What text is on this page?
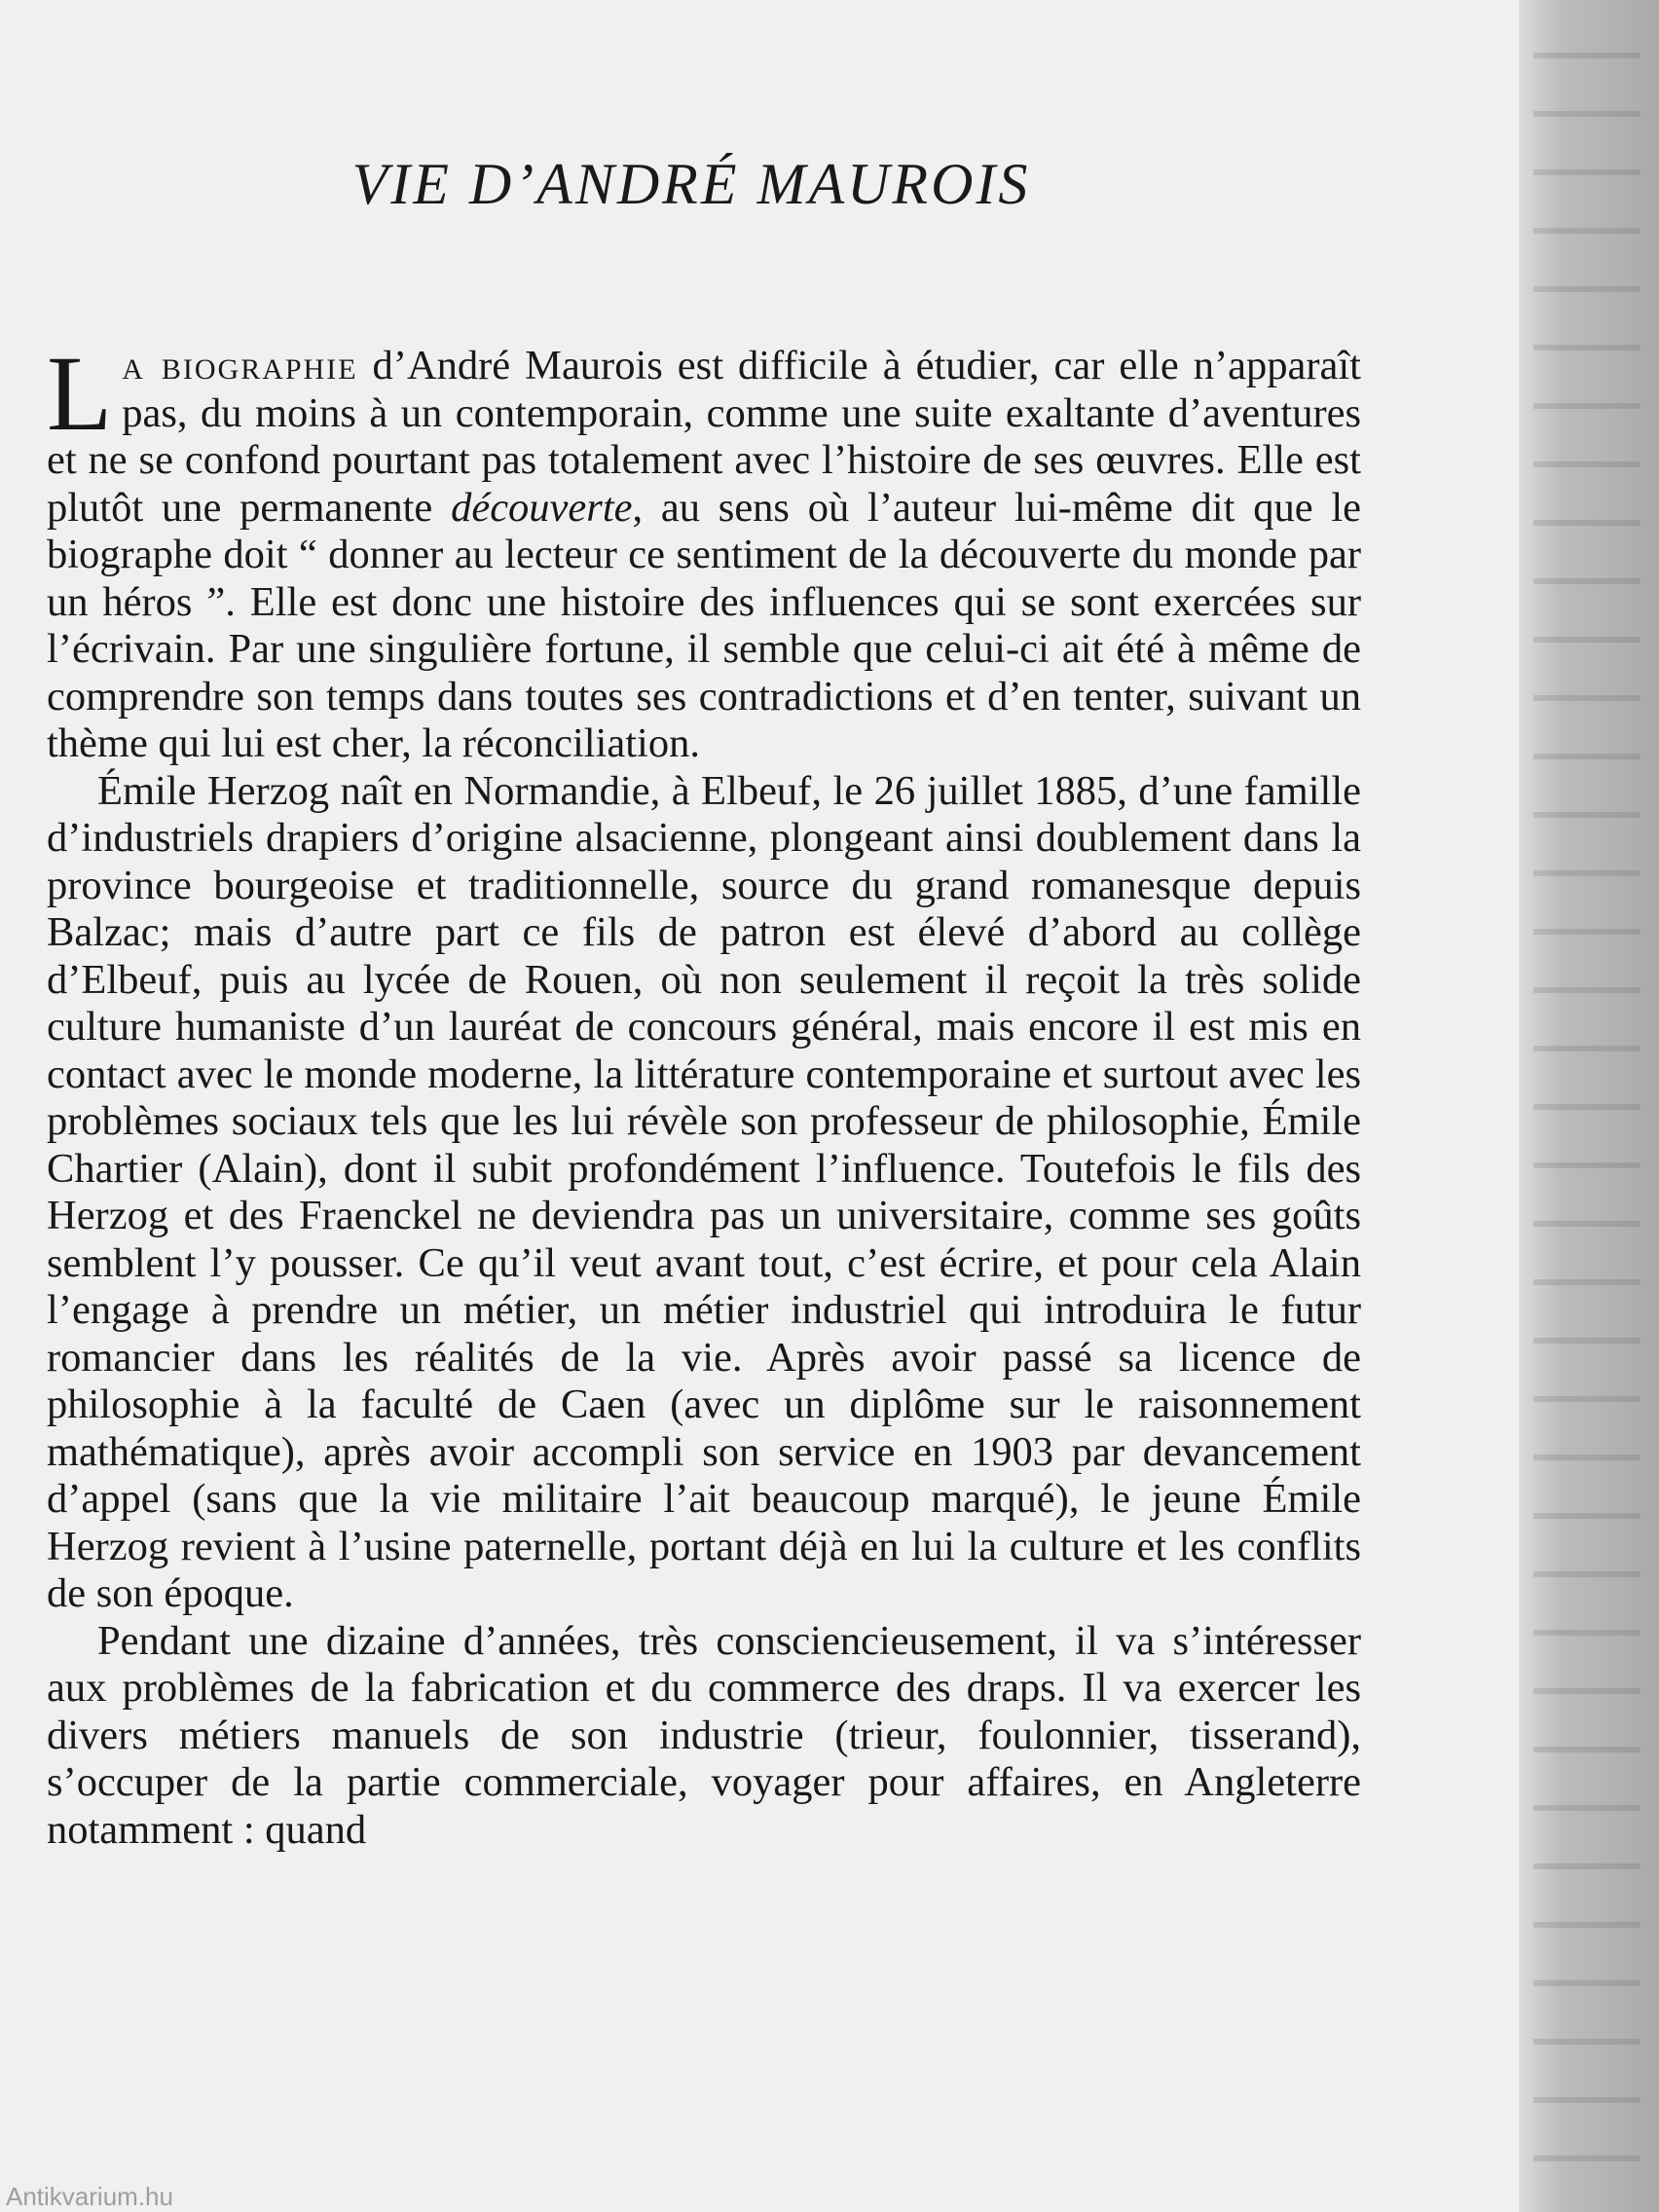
VIE D’ANDRÉ MAUROIS

La biographie d’André Maurois est difficile à étudier, car elle n’apparaît pas, du moins à un contemporain, comme une suite exaltante d’aventures et ne se confond pourtant pas totalement avec l’histoire de ses œuvres. Elle est plutôt une permanente découverte, au sens où l’auteur lui-même dit que le biographe doit “ donner au lecteur ce sentiment de la découverte du monde par un héros ”. Elle est donc une histoire des influences qui se sont exercées sur l’écrivain. Par une singulière fortune, il semble que celui-ci ait été à même de comprendre son temps dans toutes ses contradictions et d’en tenter, suivant un thème qui lui est cher, la réconciliation.

Émile Herzog naît en Normandie, à Elbeuf, le 26 juillet 1885, d’une famille d’industriels drapiers d’origine alsacienne, plongeant ainsi doublement dans la province bourgeoise et traditionnelle, source du grand romanesque depuis Balzac; mais d’autre part ce fils de patron est élevé d’abord au collège d’Elbeuf, puis au lycée de Rouen, où non seulement il reçoit la très solide culture humaniste d’un lauréat de concours général, mais encore il est mis en contact avec le monde moderne, la littérature contemporaine et surtout avec les problèmes sociaux tels que les lui révèle son professeur de philosophie, Émile Chartier (Alain), dont il subit profondément l’influence. Toutefois le fils des Herzog et des Fraenckel ne deviendra pas un universitaire, comme ses goûts semblent l’y pousser. Ce qu’il veut avant tout, c’est écrire, et pour cela Alain l’engage à prendre un métier, un métier industriel qui introduira le futur romancier dans les réalités de la vie. Après avoir passé sa licence de philosophie à la faculté de Caen (avec un diplôme sur le raisonnement mathématique), après avoir accompli son service en 1903 par devancement d’appel (sans que la vie militaire l’ait beaucoup marqué), le jeune Émile Herzog revient à l’usine paternelle, portant déjà en lui la culture et les conflits de son époque.

Pendant une dizaine d’années, très consciencieusement, il va s’intéresser aux problèmes de la fabrication et du commerce des draps. Il va exercer les divers métiers manuels de son industrie (trieur, foulonnier, tisserand), s’occuper de la partie commerciale, voyager pour affaires, en Angleterre notamment : quand

Antikvarium.hu
